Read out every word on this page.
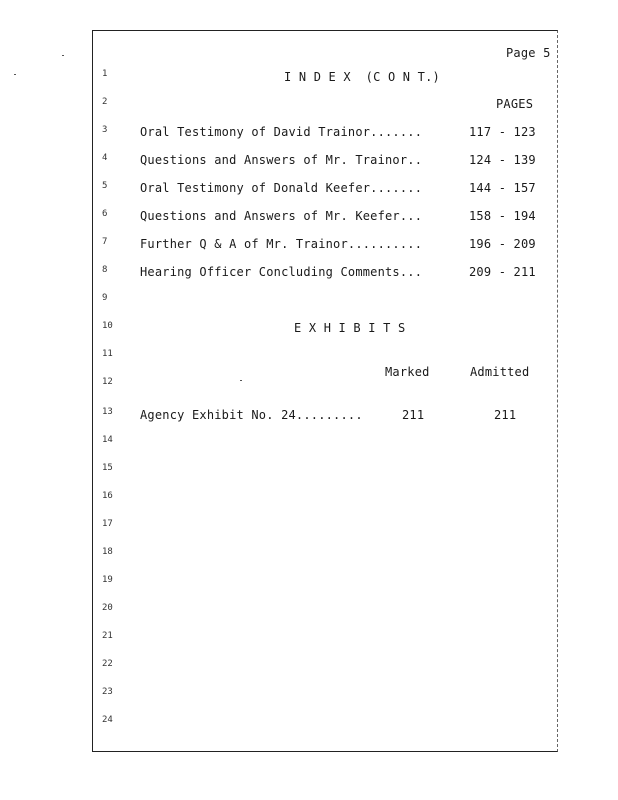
Page 5
I N D E X  (C O N T.)
1
2
3
4
5
6
7
8
9
10
11
12
13
14
15
16
17
18
19
20
21
22
23
24
PAGES
Oral Testimony of David Trainor.......	117 - 123
Questions and Answers of Mr. Trainor..	124 - 139
Oral Testimony of Donald Keefer.......	144 - 157
Questions and Answers of Mr. Keefer...	158 - 194
Further Q & A of Mr. Trainor..........	196 - 209
Hearing Officer Concluding Comments...	209 - 211
E X H I B I T S
Marked	Admitted
Agency Exhibit No. 24.........	211	211
